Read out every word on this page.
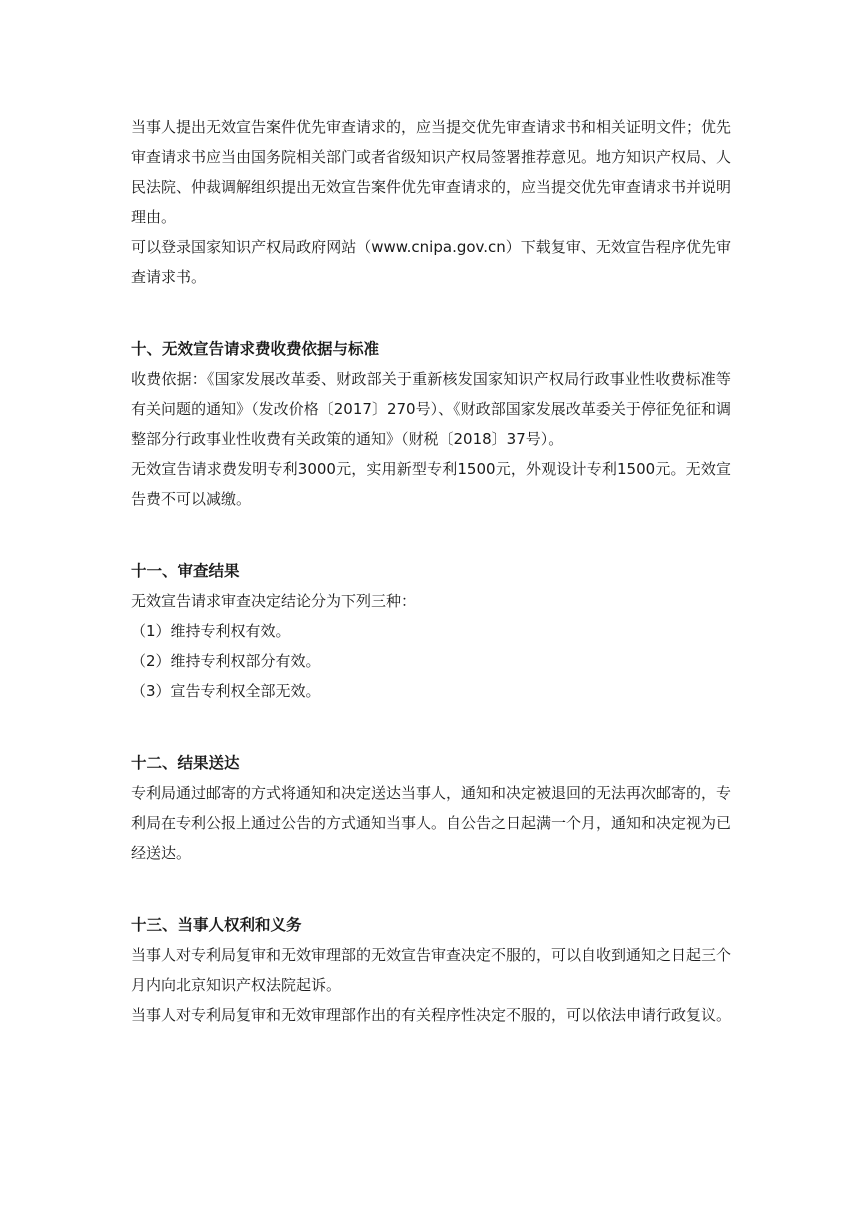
当事人提出无效宣告案件优先审查请求的，应当提交优先审查请求书和相关证明文件；优先审查请求书应当由国务院相关部门或者省级知识产权局签署推荐意见。地方知识产权局、人民法院、仲裁调解组织提出无效宣告案件优先审查请求的，应当提交优先审查请求书并说明理由。

可以登录国家知识产权局政府网站（www.cnipa.gov.cn）下载复审、无效宣告程序优先审查请求书。

十、无效宣告请求费收费依据与标准

收费依据：《国家发展改革委、财政部关于重新核发国家知识产权局行政事业性收费标准等有关问题的通知》（发改价格〔2017〕270号）、《财政部国家发展改革委关于停征免征和调整部分行政事业性收费有关政策的通知》（财税〔2018〕37号）。

无效宣告请求费发明专利3000元，实用新型专利1500元，外观设计专利1500元。无效宣告费不可以减缴。

十一、审查结果

无效宣告请求审查决定结论分为下列三种：

（1）维持专利权有效。

（2）维持专利权部分有效。

（3）宣告专利权全部无效。

十二、结果送达

专利局通过邮寄的方式将通知和决定送达当事人，通知和决定被退回的无法再次邮寄的，专利局在专利公报上通过公告的方式通知当事人。自公告之日起满一个月，通知和决定视为已经送达。

十三、当事人权利和义务

当事人对专利局复审和无效审理部的无效宣告审查决定不服的，可以自收到通知之日起三个月内向北京知识产权法院起诉。

当事人对专利局复审和无效审理部作出的有关程序性决定不服的，可以依法申请行政复议。
